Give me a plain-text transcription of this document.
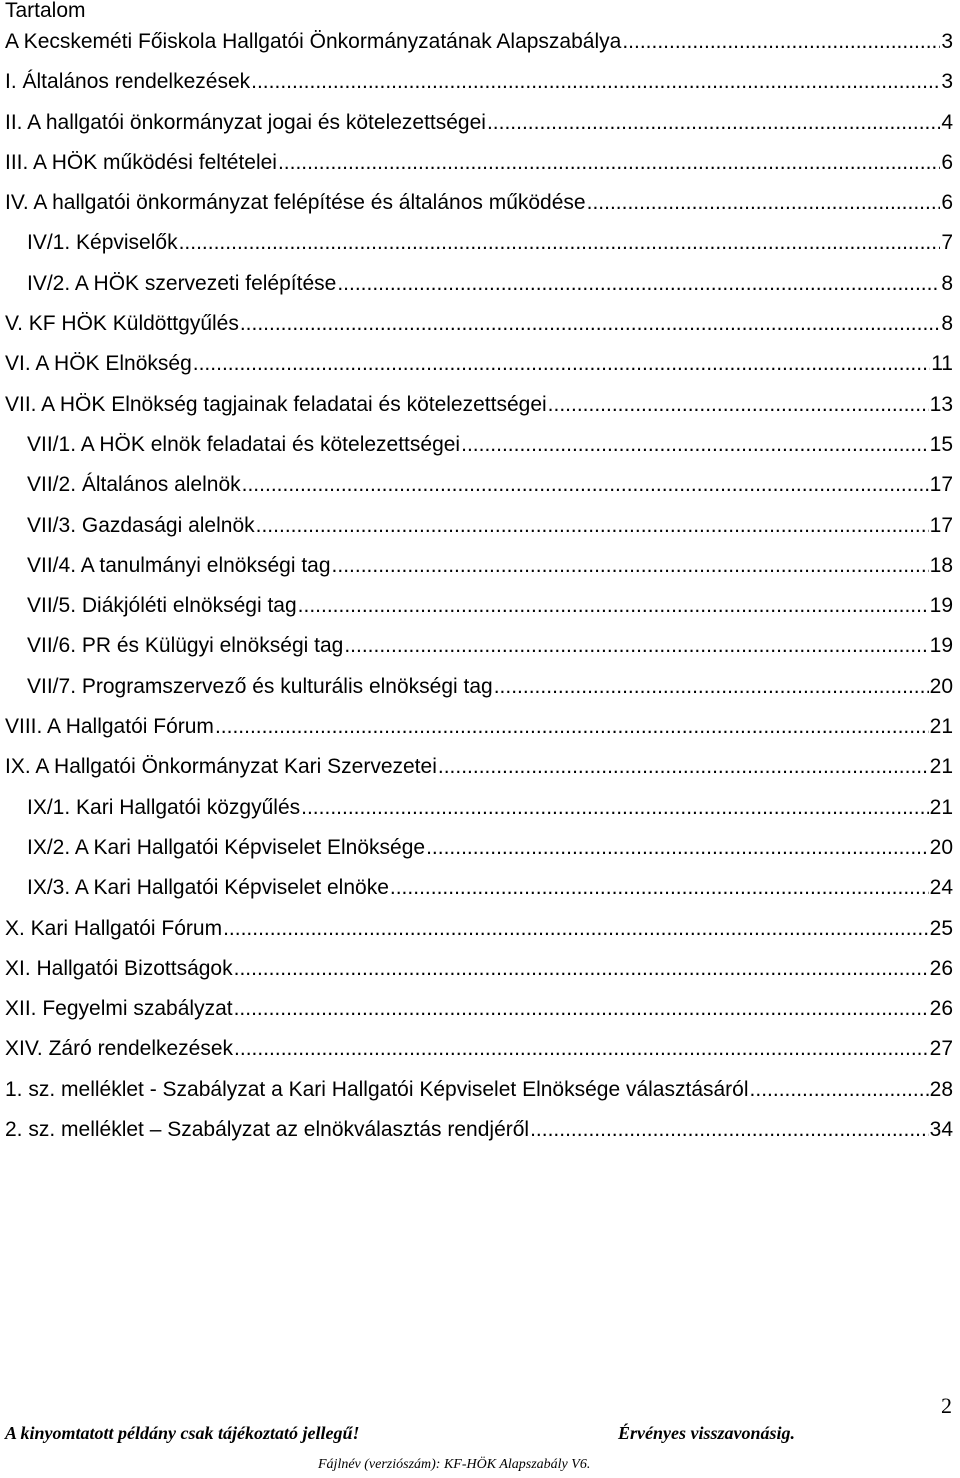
Tartalom
A Kecskeméti Főiskola Hallgatói Önkormányzatának Alapszabálya .....	3
I. Általános rendelkezések .....	3
II. A hallgatói önkormányzat jogai és kötelezettségei .....	4
III. A HÖK működési feltételei .....	6
IV. A hallgatói önkormányzat felépítése és általános működése .....	6
IV/1. Képviselők .....	7
IV/2. A HÖK szervezeti felépítése .....	8
V. KF HÖK Küldöttgyűlés .....	8
VI. A HÖK Elnökség .....	11
VII. A HÖK Elnökség tagjainak feladatai és kötelezettségei .....	13
VII/1. A HÖK elnök feladatai és kötelezettségei .....	15
VII/2. Általános alelnök .....	17
VII/3. Gazdasági alelnök .....	17
VII/4. A tanulmányi elnökségi tag .....	18
VII/5. Diákjóléti elnökségi tag .....	19
VII/6. PR és Külügyi elnökségi tag .....	19
VII/7. Programszervező és kulturális elnökségi tag .....	20
VIII. A Hallgatói Fórum .....	21
IX. A Hallgatói Önkormányzat Kari Szervezetei .....	21
IX/1. Kari Hallgatói közgyűlés .....	21
IX/2. A Kari Hallgatói Képviselet Elnöksége .....	20
IX/3. A Kari Hallgatói Képviselet elnöke .....	24
X. Kari Hallgatói Fórum .....	25
XI. Hallgatói Bizottságok .....	26
XII. Fegyelmi szabályzat .....	26
XIV. Záró rendelkezések .....	27
1. sz. melléklet - Szabályzat a Kari Hallgatói Képviselet Elnöksége választásáról .....	28
2. sz. melléklet – Szabályzat az elnökválasztás rendjéről .....	34
2
A kinyomtatott példány csak tájékoztató jellegű!	Érvényes visszavonásig.
Fájlnév (verziószám): KF-HÖK Alapszabály V6.
